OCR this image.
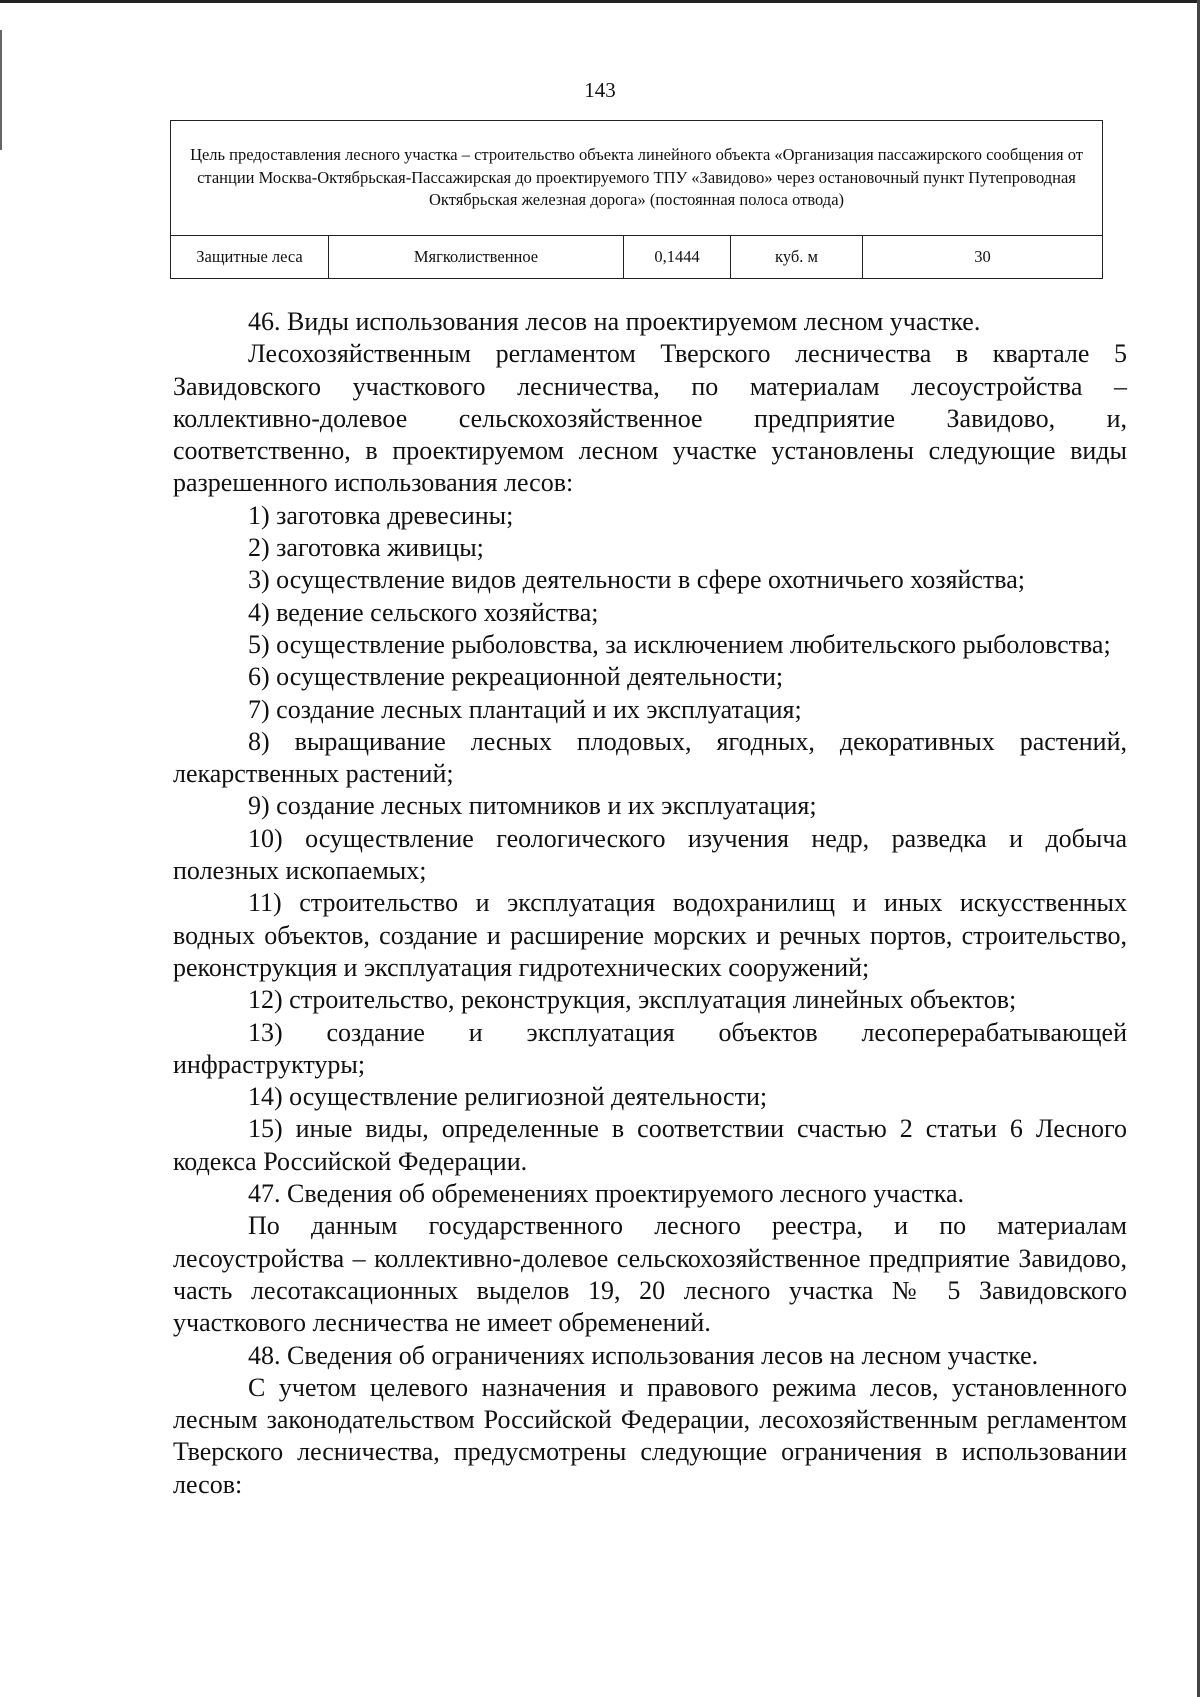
143
Цель предоставления лесного участка – строительство объекта линейного объекта «Организация пассажирского сообщения от станции Москва-Октябрьская-Пассажирская до проектируемого ТПУ «Завидово» через остановочный пункт Путепроводная Октябрьская железная дорога» (постоянная полоса отвода)
Защитные леса	Мягколиственное	0,1444	куб. м	30

46. Виды использования лесов на проектируемом лесном участке.

Лесохозяйственным регламентом Тверского лесничества в квартале 5 Завидовского участкового лесничества, по материалам лесоустройства – коллективно-долевое сельскохозяйственное предприятие Завидово, и, соответственно, в проектируемом лесном участке установлены следующие виды разрешенного использования лесов:

1) заготовка древесины;

2) заготовка живицы;

3) осуществление видов деятельности в сфере охотничьего хозяйства;

4) ведение сельского хозяйства;

5) осуществление рыболовства, за исключением любительского рыболовства;

6) осуществление рекреационной деятельности;

7) создание лесных плантаций и их эксплуатация;

8) выращивание лесных плодовых, ягодных, декоративных растений, лекарственных растений;

9) создание лесных питомников и их эксплуатация;

10) осуществление геологического изучения недр, разведка и добыча полезных ископаемых;

11) строительство и эксплуатация водохранилищ и иных искусственных водных объектов, создание и расширение морских и речных портов, строительство, реконструкция и эксплуатация гидротехнических сооружений;

12) строительство, реконструкция, эксплуатация линейных объектов;

13) создание и эксплуатация объектов лесоперерабатывающей инфраструктуры;

14) осуществление религиозной деятельности;

15) иные виды, определенные в соответствии счастью 2 статьи 6 Лесного кодекса Российской Федерации.

47. Сведения об обременениях проектируемого лесного участка.

По данным государственного лесного реестра, и по материалам лесоустройства – коллективно-долевое сельскохозяйственное предприятие Завидово, часть лесотаксационных выделов 19, 20 лесного участка № 5 Завидовского участкового лесничества не имеет обременений.

48. Сведения об ограничениях использования лесов на лесном участке.

С учетом целевого назначения и правового режима лесов, установленного лесным законодательством Российской Федерации, лесохозяйственным регламентом Тверского лесничества, предусмотрены следующие ограничения в использовании лесов:
